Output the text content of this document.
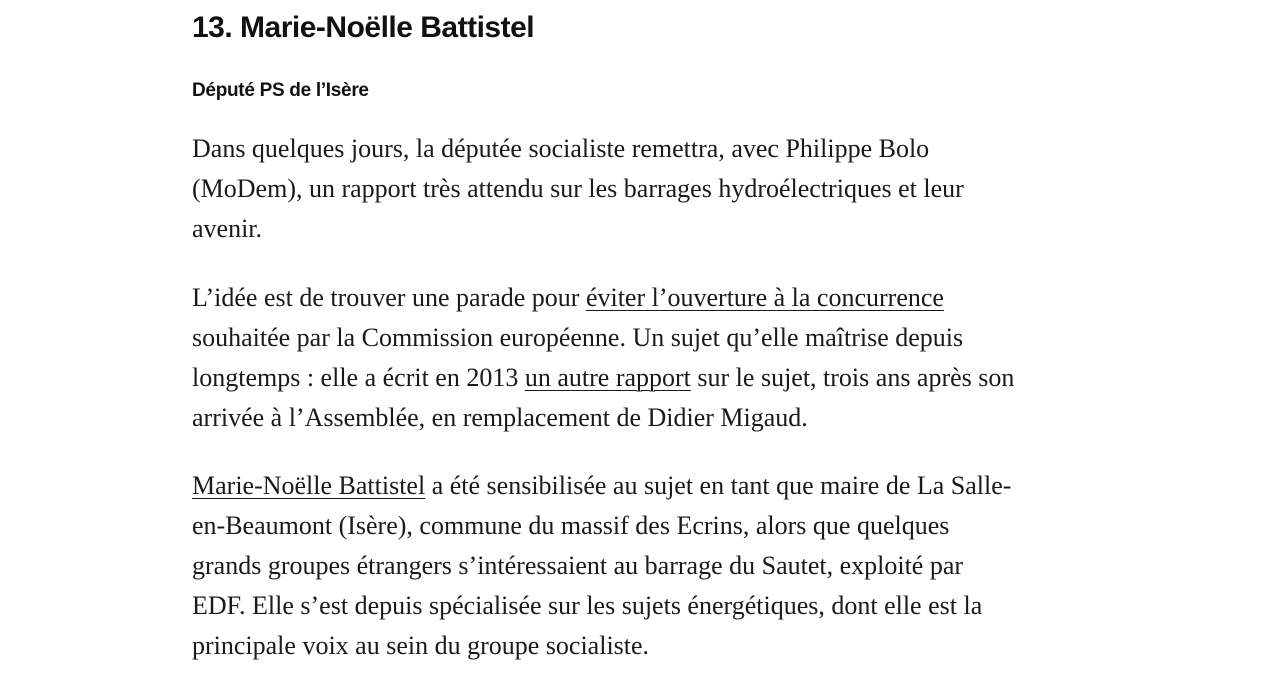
13. Marie-Noëlle Battistel
Député PS de l’Isère

Dans quelques jours, la députée socialiste remettra, avec Philippe Bolo
(MoDem), un rapport très attendu sur les barrages hydroélectriques et leur
avenir.

L’idée est de trouver une parade pour éviter l’ouverture à la concurrence
souhaitée par la Commission européenne. Un sujet qu’elle maîtrise depuis
longtemps : elle a écrit en 2013 un autre rapport sur le sujet, trois ans après son
arrivée à l’Assemblée, en remplacement de Didier Migaud.

Marie-Noëlle Battistel a été sensibilisée au sujet en tant que maire de La Salle-
en-Beaumont (Isère), commune du massif des Ecrins, alors que quelques
grands groupes étrangers s’intéressaient au barrage du Sautet, exploité par
EDF. Elle s’est depuis spécialisée sur les sujets énergétiques, dont elle est la
principale voix au sein du groupe socialiste.
